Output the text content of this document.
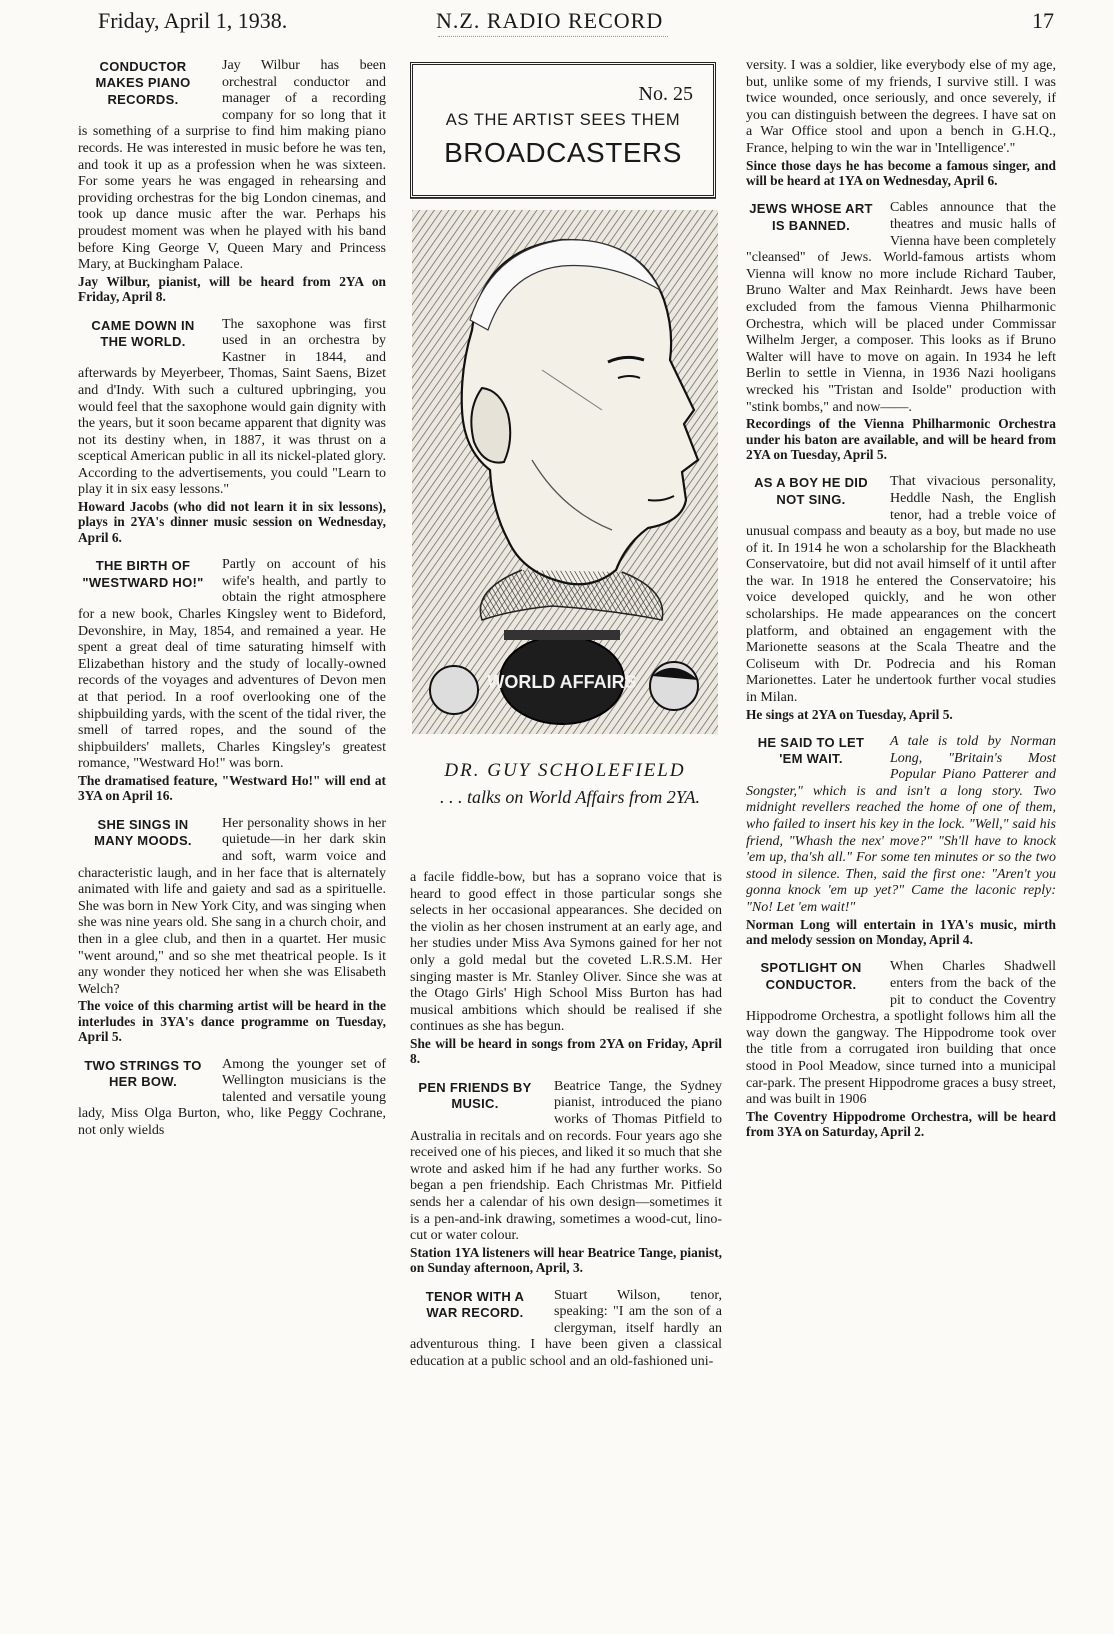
Friday, April 1, 1938.	N.Z. RADIO RECORD	17
CONDUCTOR MAKES PIANO RECORDS.

Jay Wilbur has been orchestral conductor and manager of a recording company for so long that it is something of a surprise to find him making piano records. He was interested in music before he was ten, and took it up as a profession when he was sixteen. For some years he was engaged in rehearsing and providing orchestras for the big London cinemas, and took up dance music after the war. Perhaps his proudest moment was when he played with his band before King George V, Queen Mary and Princess Mary, at Buckingham Palace.

Jay Wilbur, pianist, will be heard from 2YA on Friday, April 8.

CAME DOWN IN THE WORLD.

The saxophone was first used in an orchestra by Kastner in 1844, and afterwards by Meyerbeer, Thomas, Saint Saens, Bizet and d'Indy. With such a cultured upbringing, you would feel that the saxophone would gain dignity with the years, but it soon became apparent that dignity was not its destiny when, in 1887, it was thrust on a sceptical American public in all its nickel-plated glory. According to the advertisements, you could "Learn to play it in six easy lessons."

Howard Jacobs (who did not learn it in six lessons), plays in 2YA's dinner music session on Wednesday, April 6.

THE BIRTH OF "WESTWARD HO!"

Partly on account of his wife's health, and partly to obtain the right atmosphere for a new book, Charles Kingsley went to Bideford, Devonshire, in May, 1854, and remained a year. He spent a great deal of time saturating himself with Elizabethan history and the study of locally-owned records of the voyages and adventures of Devon men at that period. In a roof overlooking one of the shipbuilding yards, with the scent of the tidal river, the smell of tarred ropes, and the sound of the shipbuilders' mallets, Charles Kingsley's greatest romance, "Westward Ho!" was born.

The dramatised feature, "Westward Ho!" will end at 3YA on April 16.

SHE SINGS IN MANY MOODS.

Her personality shows in her quietude—in her dark skin and soft, warm voice and characteristic laugh, and in her face that is alternately animated with life and gaiety and sad as a spirituelle. She was born in New York City, and was singing when she was nine years old. She sang in a church choir, and then in a glee club, and then in a quartet. Her music "went around," and so she met theatrical people. Is it any wonder they noticed her when she was Elisabeth Welch?

The voice of this charming artist will be heard in the interludes in 3YA's dance programme on Tuesday, April 5.

TWO STRINGS TO HER BOW.

Among the younger set of Wellington musicians is the talented and versatile young lady, Miss Olga Burton, who, like Peggy Cochrane, not only wields

No. 25
AS THE ARTIST SEES THEM
BROADCASTERS
WORLD AFFAIRS
DR. GUY SCHOLEFIELD
. . . talks on World Affairs from 2YA.

a facile fiddle-bow, but has a soprano voice that is heard to good effect in those particular songs she selects in her occasional appearances. She decided on the violin as her chosen instrument at an early age, and her studies under Miss Ava Symons gained for her not only a gold medal but the coveted L.R.S.M. Her singing master is Mr. Stanley Oliver. Since she was at the Otago Girls' High School Miss Burton has had musical ambitions which should be realised if she continues as she has begun.

She will be heard in songs from 2YA on Friday, April 8.

PEN FRIENDS BY MUSIC.

Beatrice Tange, the Sydney pianist, introduced the piano works of Thomas Pitfield to Australia in recitals and on records. Four years ago she received one of his pieces, and liked it so much that she wrote and asked him if he had any further works. So began a pen friendship. Each Christmas Mr. Pitfield sends her a calendar of his own design—sometimes it is a pen-and-ink drawing, sometimes a wood-cut, lino-cut or water colour.

Station 1YA listeners will hear Beatrice Tange, pianist, on Sunday afternoon, April, 3.

TENOR WITH A WAR RECORD.

Stuart Wilson, tenor, speaking: "I am the son of a clergyman, itself hardly an adventurous thing. I have been given a classical education at a public school and an old-fashioned uni-

versity. I was a soldier, like everybody else of my age, but, unlike some of my friends, I survive still. I was twice wounded, once seriously, and once severely, if you can distinguish between the degrees. I have sat on a War Office stool and upon a bench in G.H.Q., France, helping to win the war in 'Intelligence'."

Since those days he has become a famous singer, and will be heard at 1YA on Wednesday, April 6.

JEWS WHOSE ART IS BANNED.

Cables announce that the theatres and music halls of Vienna have been completely "cleansed" of Jews. World-famous artists whom Vienna will know no more include Richard Tauber, Bruno Walter and Max Reinhardt. Jews have been excluded from the famous Vienna Philharmonic Orchestra, which will be placed under Commissar Wilhelm Jerger, a composer. This looks as if Bruno Walter will have to move on again. In 1934 he left Berlin to settle in Vienna, in 1936 Nazi hooligans wrecked his "Tristan and Isolde" production with "stink bombs," and now——.

Recordings of the Vienna Philharmonic Orchestra under his baton are available, and will be heard from 2YA on Tuesday, April 5.

AS A BOY HE DID NOT SING.

That vivacious personality, Heddle Nash, the English tenor, had a treble voice of unusual compass and beauty as a boy, but made no use of it. In 1914 he won a scholarship for the Blackheath Conservatoire, but did not avail himself of it until after the war. In 1918 he entered the Conservatoire; his voice developed quickly, and he won other scholarships. He made appearances on the concert platform, and obtained an engagement with the Marionette seasons at the Scala Theatre and the Coliseum with Dr. Podrecia and his Roman Marionettes. Later he undertook further vocal studies in Milan.

He sings at 2YA on Tuesday, April 5.

HE SAID TO LET 'EM WAIT.

A tale is told by Norman Long, "Britain's Most Popular Piano Patterer and Songster," which is and isn't a long story. Two midnight revellers reached the home of one of them, who failed to insert his key in the lock. "Well," said his friend, "Whash the nex' move?" "Sh'll have to knock 'em up, tha'sh all." For some ten minutes or so the two stood in silence. Then, said the first one: "Aren't you gonna knock 'em up yet?" Came the laconic reply: "No! Let 'em wait!"

Norman Long will entertain in 1YA's music, mirth and melody session on Monday, April 4.

SPOTLIGHT ON CONDUCTOR.

When Charles Shadwell enters from the back of the pit to conduct the Coventry Hippodrome Orchestra, a spotlight follows him all the way down the gangway. The Hippodrome took over the title from a corrugated iron building that once stood in Pool Meadow, since turned into a municipal car-park. The present Hippodrome graces a busy street, and was built in 1906

The Coventry Hippodrome Orchestra, will be heard from 3YA on Saturday, April 2.
